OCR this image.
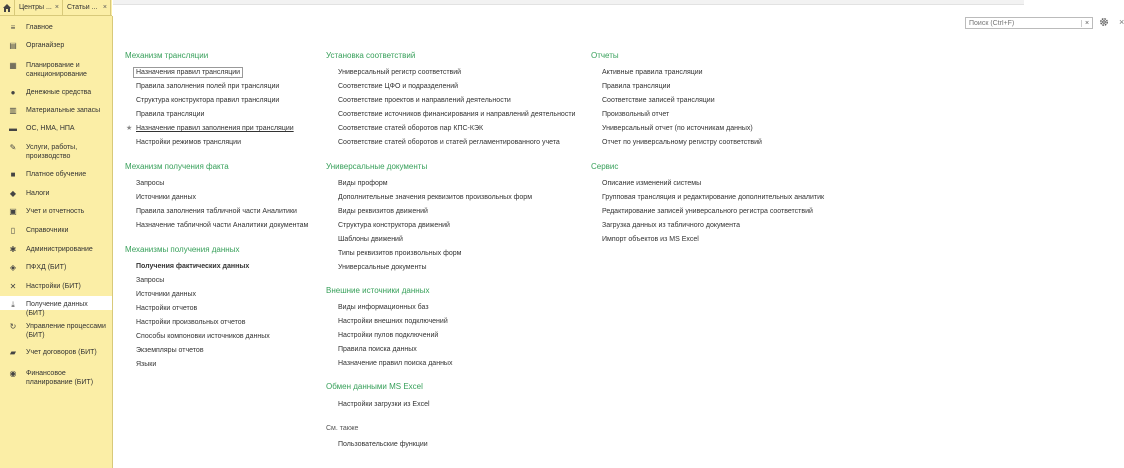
Центры ... × Статьи ... ×
≡	Главное
▤ Органайзер
▦ Планирование и
санкционирование
●	Денежные средства
▥ Материальные запасы
▬ ОС, НМА, НПА
✎ Услуги, работы,
производство
■	Платное обучение
◆ Налоги
▣ Учет и отчетность
▯	Справочники
✱ Администрирование
◈ ПФХД (БИТ)
✕ Настройки (БИТ)
⤓	Получение данных (БИТ)
↻ Управление процессами
(БИТ)
▰ Учет договоров (БИТ)
◉ Финансовое
планирование (БИТ)
Поиск (Ctrl+F)
×	×
Механизм трансляции
Назначения правил трансляции
Правила заполнения полей при трансляции
Структура конструктора правил трансляции
Правила трансляции
Назначение правил заполнения при трансляции
★
Настройки режимов трансляции
Механизм получения факта
Запросы
Источники данных
Правила заполнения табличной части Аналитики
Назначение табличной части Аналитики документам
Механизмы получения данных
Получения фактических данных
Запросы
Источники данных
Настройки отчетов
Настройки произвольных отчетов
Способы компоновки источников данных
Экземпляры отчетов
Языки
Установка соответствий
Универсальный регистр соответствий
Соответствие ЦФО и подразделений
Соответствие проектов и направлений деятельности
Соответствие источников финансирования и направлений деятельности
Соответствие статей оборотов пар КПС-КЭК
Соответствие статей оборотов и статей регламентированного учета
Универсальные документы
Виды проформ
Дополнительные значения реквизитов произвольных форм
Виды реквизитов движений
Структура конструктора движений
Шаблоны движений
Типы реквизитов произвольных форм
Универсальные документы
Внешние источники данных
Виды информационных баз
Настройки внешних подключений
Настройки пулов подключений
Правила поиска данных
Назначение правил поиска данных
Обмен данными MS Excel
Настройки загрузки из Excel
См. также
Пользовательские функции
Отчеты
Активные правила трансляции
Правила трансляции
Соответствие записей трансляции
Произвольный отчет
Универсальный отчет (по источникам данных)
Отчет по универсальному регистру соответствий
Сервис
Описание изменений системы
Групповая трансляция и редактирование дополнительных аналитик
Редактирование записей универсального регистра соответствий
Загрузка данных из табличного документа
Импорт объектов из MS Excel
